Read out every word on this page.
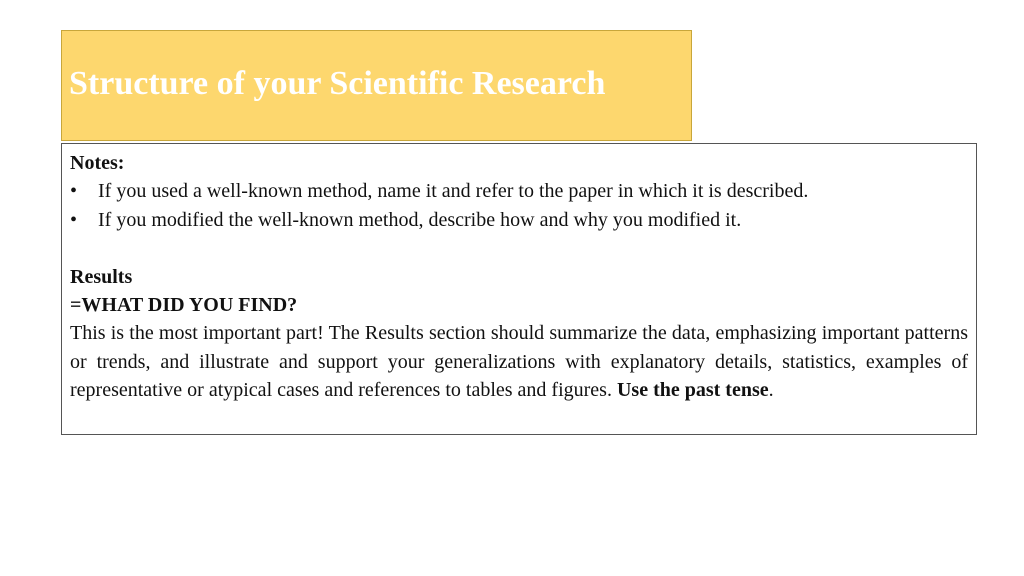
Structure of your Scientific Research

Notes:

•	If you used a well-known method, name it and refer to the paper in which it is described.
•	If you modified the well-known method, describe how and why you modified it.

Results

=WHAT DID YOU FIND?

This is the most important part! The Results section should summarize the data, emphasizing important patterns or trends, and illustrate and support your generalizations with explanatory details, statistics, examples of representative or atypical cases and references to tables and figures. Use the past tense.
